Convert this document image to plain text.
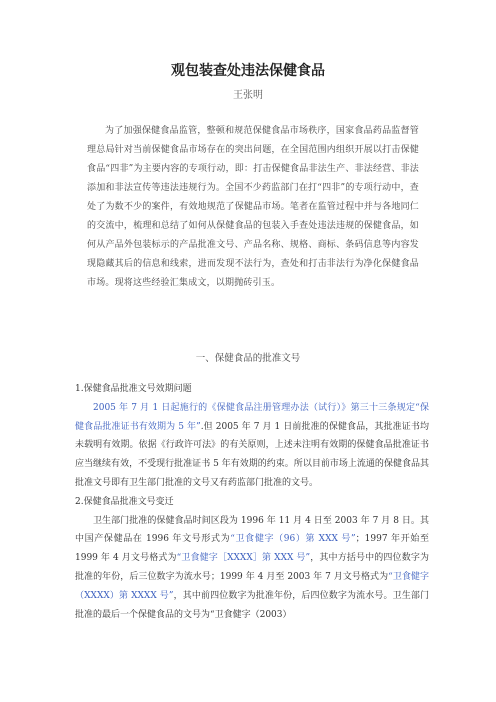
观包装查处违法保健食品
王张明

为了加强保健食品监管，整顿和规范保健食品市场秩序，国家食品药品监督管理总局针对当前保健食品市场存在的突出问题，在全国范围内组织开展以打击保健食品“四非”为主要内容的专项行动，即：打击保健食品非法生产、非法经营、非法添加和非法宣传等违法违规行为。全国不少药监部门在打“四非”的专项行动中，查处了为数不少的案件，有效地规范了保健品市场。笔者在监管过程中并与各地同仁的交流中，梳理和总结了如何从保健食品的包装入手查处违法违规的保健食品，如何从产品外包装标示的产品批准文号、产品名称、规格、商标、条码信息等内容发现隐藏其后的信息和线索，进而发现不法行为，查处和打击非法行为净化保健食品市场。现将这些经验汇集成文，以期抛砖引玉。

一、保健食品的批准文号

1.保健食品批准文号效期问题

2005 年 7 月 1 日起施行的《保健食品注册管理办法（试行）》第三十三条规定“保健食品批准证书有效期为 5 年”.但 2005 年 7 月 1 日前批准的保健食品，其批准证书均未载明有效期。依据《行政许可法》的有关原则，上述未注明有效期的保健食品批准证书应当继续有效，不受现行批准证书 5 年有效期的约束。所以目前市场上流通的保健食品其批准文号即有卫生部门批准的文号又有药监部门批准的文号。

2.保健食品批准文号变迁

卫生部门批准的保健食品时间区段为 1996 年 11 月 4 日至 2003 年 7 月 8 日。其中国产保健品在 1996 年文号形式为“卫食健字（96）第 XXX 号”；1997 年开始至 1999 年 4 月文号格式为“卫食健字［XXXX］第 XXX 号”，其中方括号中的四位数字为批准的年份，后三位数字为流水号；1999 年 4 月至 2003 年 7 月文号格式为“卫食健字（XXXX）第 XXXX 号”，其中前四位数字为批准年份，后四位数字为流水号。卫生部门批准的最后一个保健食品的文号为“卫食健字（2003）
